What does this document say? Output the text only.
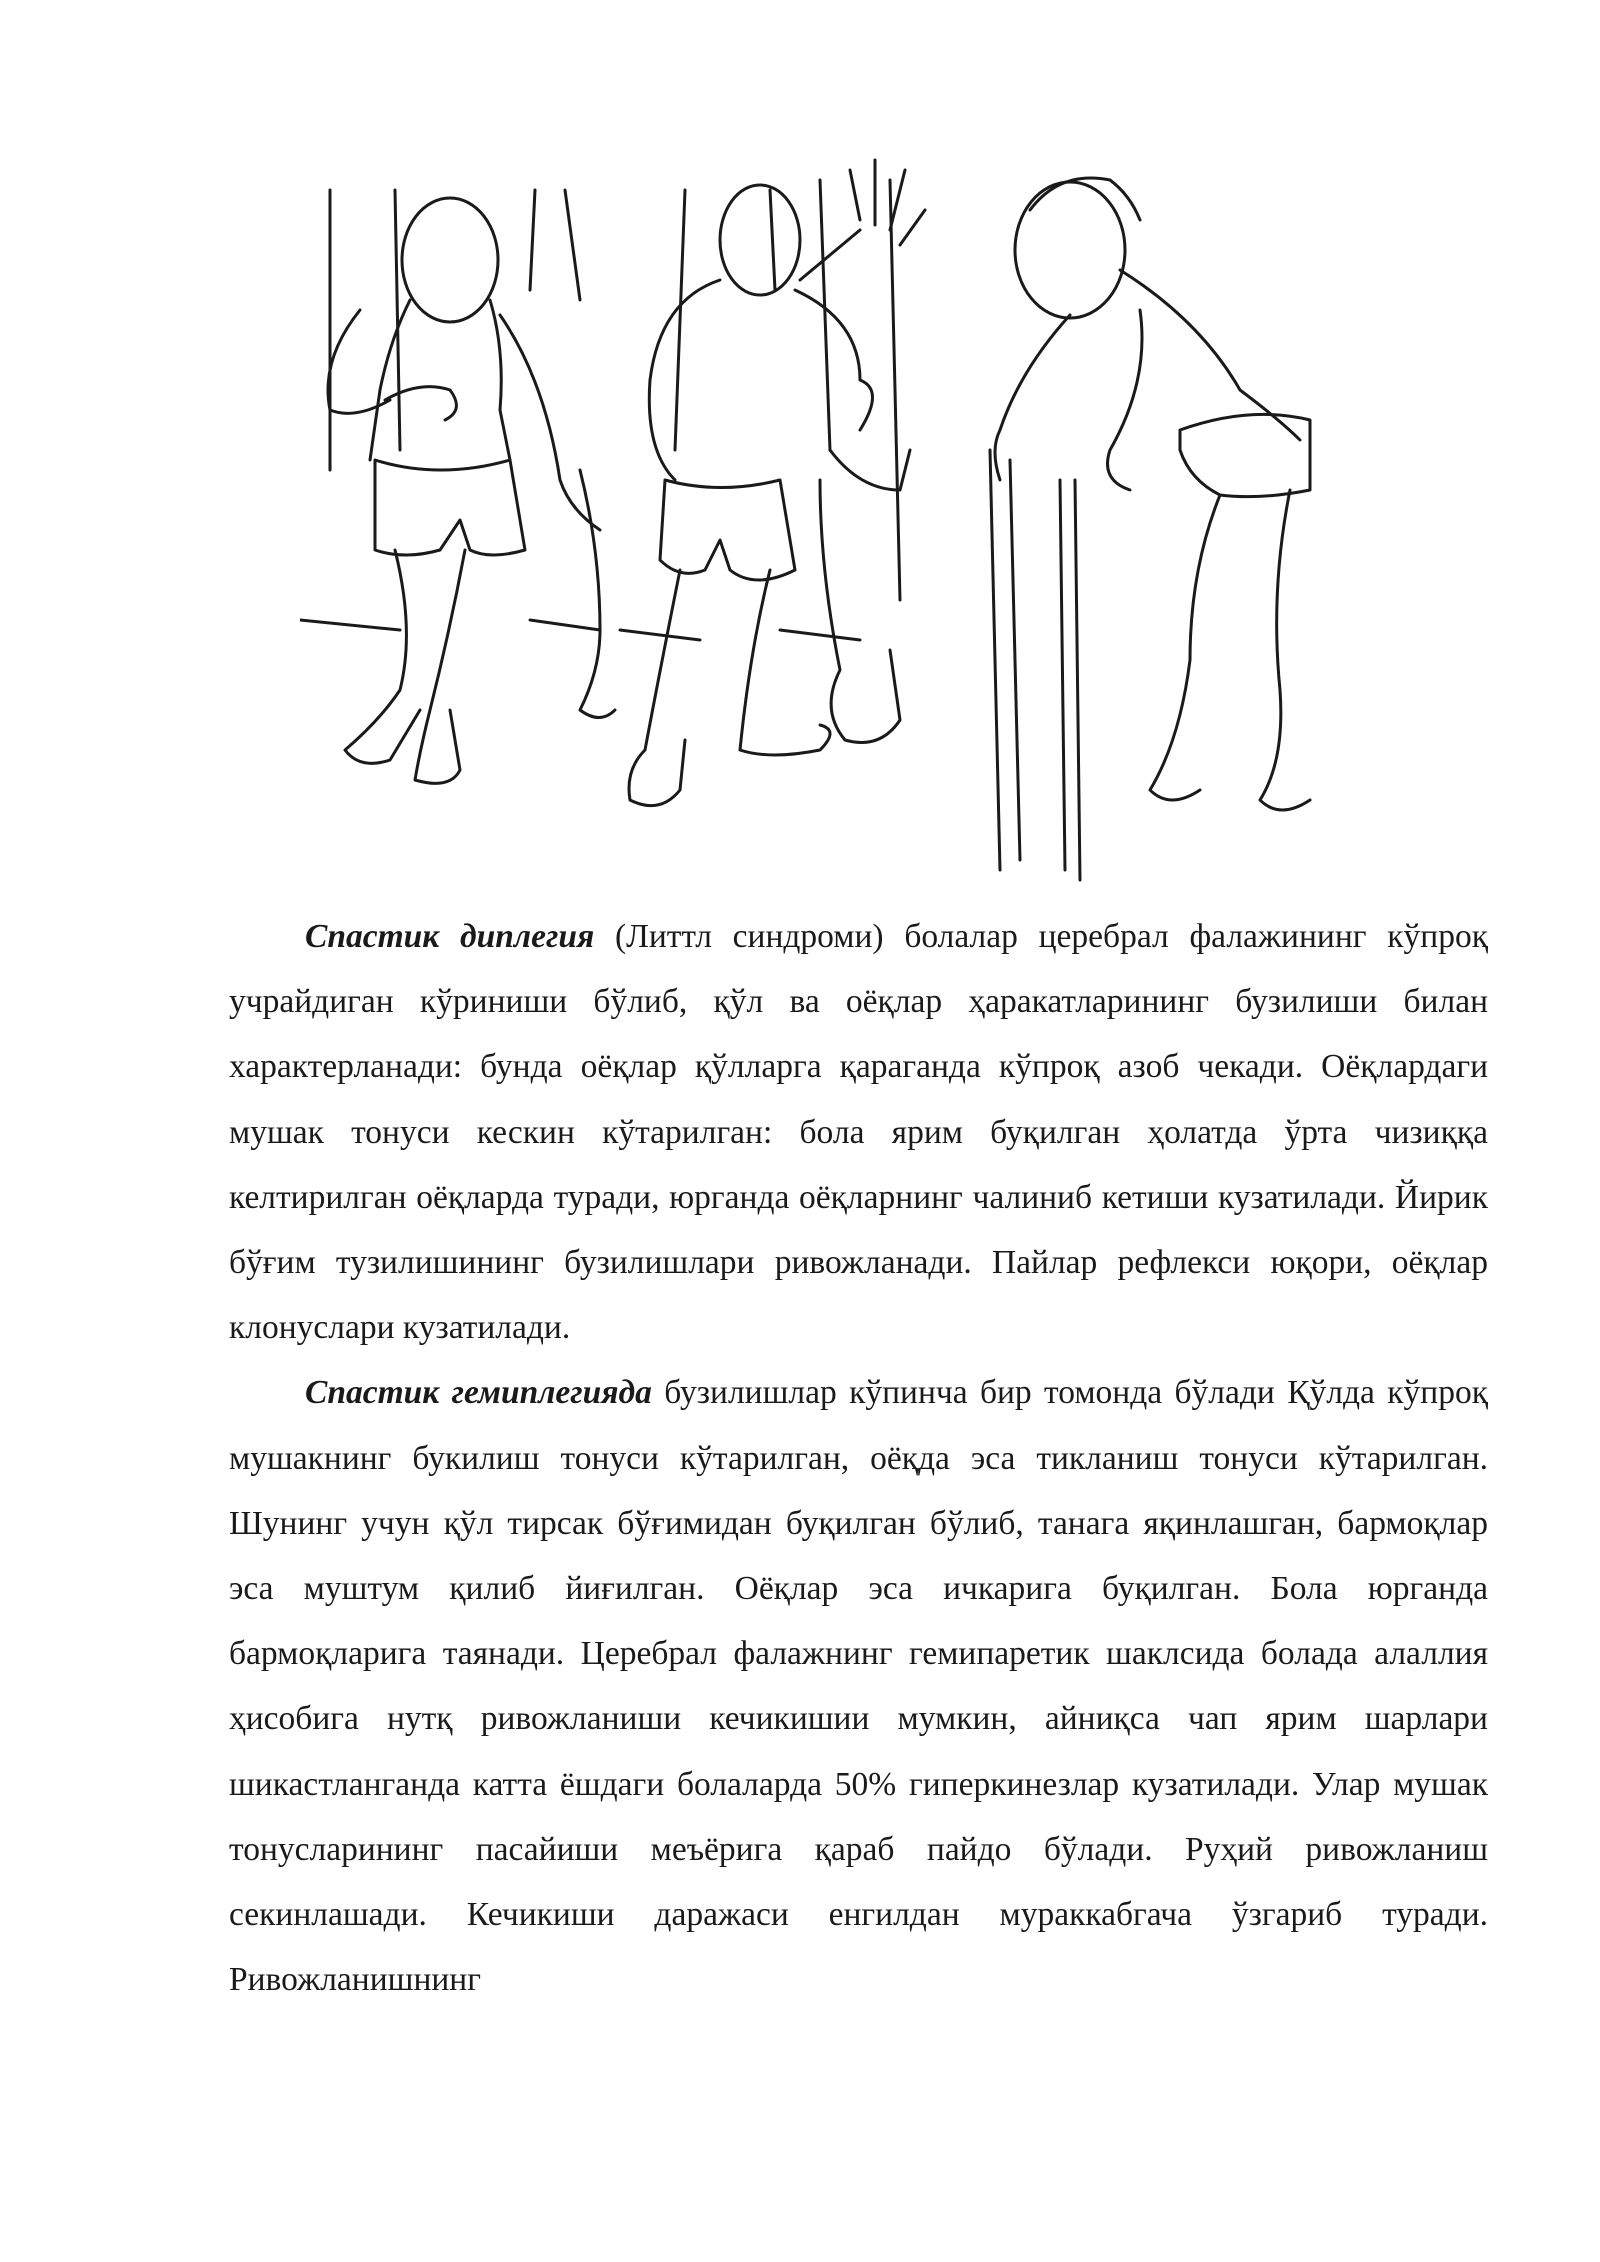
Спастик диплегия (Литтл синдроми) болалар церебрал фалажининг кўпроқ учрайдиган кўриниши бўлиб, қўл ва оёқлар ҳаракатларининг бузилиши билан характерланади: бунда оёқлар қўлларга қараганда кўпроқ азоб чекади. Оёқлардаги мушак тонуси кескин кўтарилган: бола ярим буқилган ҳолатда ўрта чизиққа келтирилган оёқларда туради, юрганда оёқларнинг чалиниб кетиши кузатилади. Йирик бўғим тузилишининг бузилишлари ривожланади. Пайлар рефлекси юқори, оёқлар клонуслари кузатилади.

Спастик гемиплегияда бузилишлар кўпинча бир томонда бўлади Қўлда кўпроқ мушакнинг букилиш тонуси кўтарилган, оёқда эса тикланиш тонуси кўтарилган. Шунинг учун қўл тирсак бўғимидан буқилган бўлиб, танага яқинлашган, бармоқлар эса муштум қилиб йиғилган. Оёқлар эса ичкарига буқилган. Бола юрганда бармоқларига таянади. Церебрал фалажнинг гемипаретик шаклсида болада алаллия ҳисобига нутқ ривожланиши кечикишии мумкин, айниқса чап ярим шарлари шикастланганда катта ёшдаги болаларда 50% гиперкинезлар кузатилади. Улар мушак тонусларининг пасайиши меъёрига қараб пайдо бўлади. Руҳий ривожланиш секинлашади. Кечикиши даражаси енгилдан мураккабгача ўзгариб туради. Ривожланишнинг
